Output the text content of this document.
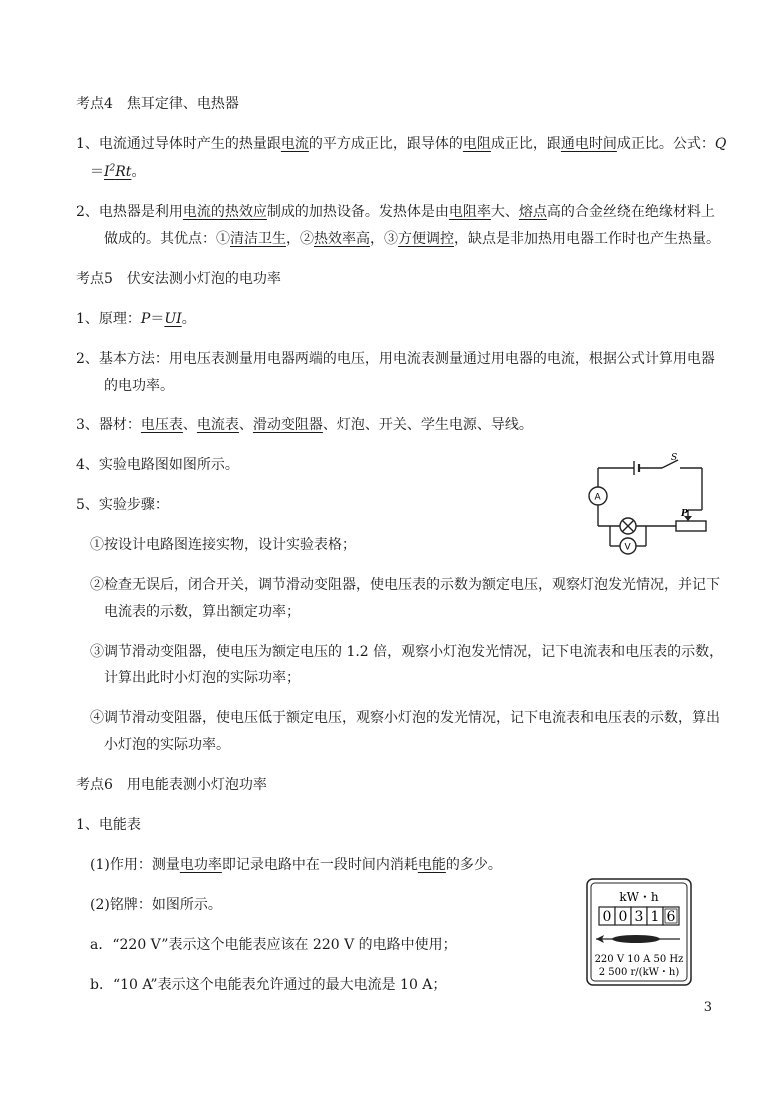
考点4　焦耳定律、电热器
1、电流通过导体时产生的热量跟电流的平方成正比，跟导体的电阻成正比，跟通电时间成正比。公式：Q
$=I^2Rt$。
2、电热器是利用电流的热效应制成的加热设备。发热体是由电阻率大、熔点高的合金丝绕在绝缘材料上
做成的。其优点：①清洁卫生，②热效率高，③方便调控，缺点是非加热用电器工作时也产生热量。
考点5　伏安法测小灯泡的电功率
1、原理：P＝UI。
2、基本方法：用电压表测量用电器两端的电压，用电流表测量通过用电器的电流，根据公式计算用电器
的电功率。
3、器材：电压表、电流表、滑动变阻器、灯泡、开关、学生电源、导线。
4、实验电路图如图所示。
5、实验步骤：
①按设计电路图连接实物，设计实验表格；
②检查无误后，闭合开关，调节滑动变阻器，使电压表的示数为额定电压，观察灯泡发光情况，并记下
电流表的示数，算出额定功率；
③调节滑动变阻器，使电压为额定电压的 1.2 倍，观察小灯泡发光情况，记下电流表和电压表的示数，
计算出此时小灯泡的实际功率；
④调节滑动变阻器，使电压低于额定电压，观察小灯泡的发光情况，记下电流表和电压表的示数，算出
小灯泡的实际功率。
考点6　用电能表测小灯泡功率
1、电能表
(1)作用：测量电功率即记录电路中在一段时间内消耗电能的多少。
(2)铭牌：如图所示。
a．“220 V”表示这个电能表应该在 220 V 的电路中使用；
b．“10 A”表示这个电能表允许通过的最大电流是 10 A；
S
A
V
P
kW・h
0 0 3 1 6
220 V 10 A 50 Hz
2 500 r/(kW・h)
3
